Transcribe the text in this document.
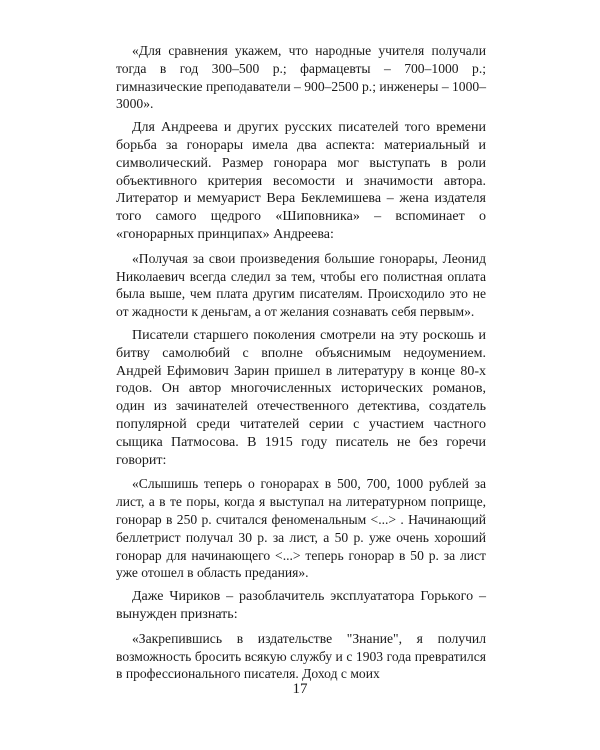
«Для сравнения укажем, что народные учителя получали тогда в год 300–500 р.; фармацевты – 700–1000 р.; гимназические преподаватели – 900–2500 р.; инженеры – 1000–3000».

Для Андреева и других русских писателей того времени борьба за гонорары имела два аспекта: материальный и символический. Размер гонорара мог выступать в роли объективного критерия весомости и значимости автора. Литератор и мемуарист Вера Беклемишева – жена издателя того самого щедрого «Шиповника» – вспоминает о «гонорарных принципах» Андреева:

«Получая за свои произведения большие гонорары, Леонид Николаевич всегда следил за тем, чтобы его полистная оплата была выше, чем плата другим писателям. Происходило это не от жадности к деньгам, а от желания сознавать себя первым».

Писатели старшего поколения смотрели на эту роскошь и битву самолюбий с вполне объяснимым недоумением. Андрей Ефимович Зарин пришел в литературу в конце 80-х годов. Он автор многочисленных исторических романов, один из зачинателей отечественного детектива, создатель популярной среди читателей серии с участием частного сыщика Патмосова. В 1915 году писатель не без горечи говорит:

«Слышишь теперь о гонорарах в 500, 700, 1000 рублей за лист, а в те поры, когда я выступал на литературном поприще, гонорар в 250 р. считался феноменальным <...> . Начинающий беллетрист получал 30 р. за лист, а 50 р. уже очень хороший гонорар для начинающего <...> теперь гонорар в 50 р. за лист уже отошел в область предания».

Даже Чириков – разоблачитель эксплуататора Горького – вынужден признать:

«Закрепившись в издательстве "Знание", я получил возможность бросить всякую службу и с 1903 года превратился в профессионального писателя. Доход с моих

17
